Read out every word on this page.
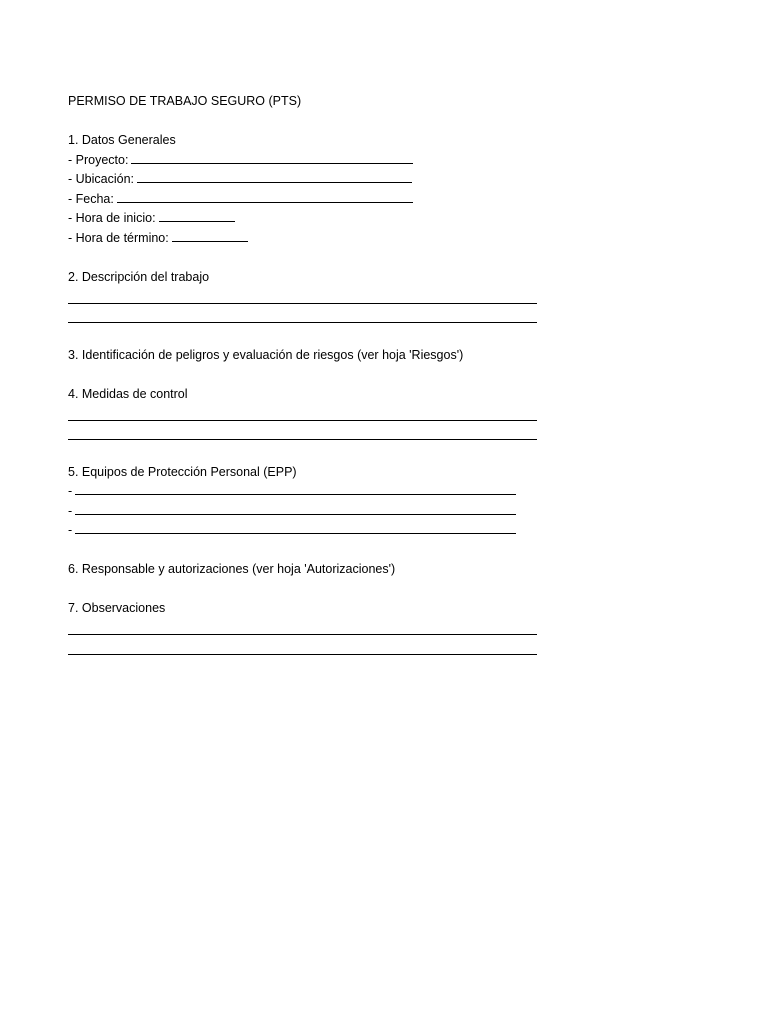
PERMISO DE TRABAJO SEGURO (PTS)
1. Datos Generales
- Proyecto:
- Ubicación:
- Fecha:
- Hora de inicio:
- Hora de término:
2. Descripción del trabajo
3. Identificación de peligros y evaluación de riesgos (ver hoja 'Riesgos')
4. Medidas de control
5. Equipos de Protección Personal (EPP)
-
-
-
6. Responsable y autorizaciones (ver hoja 'Autorizaciones')
7. Observaciones
